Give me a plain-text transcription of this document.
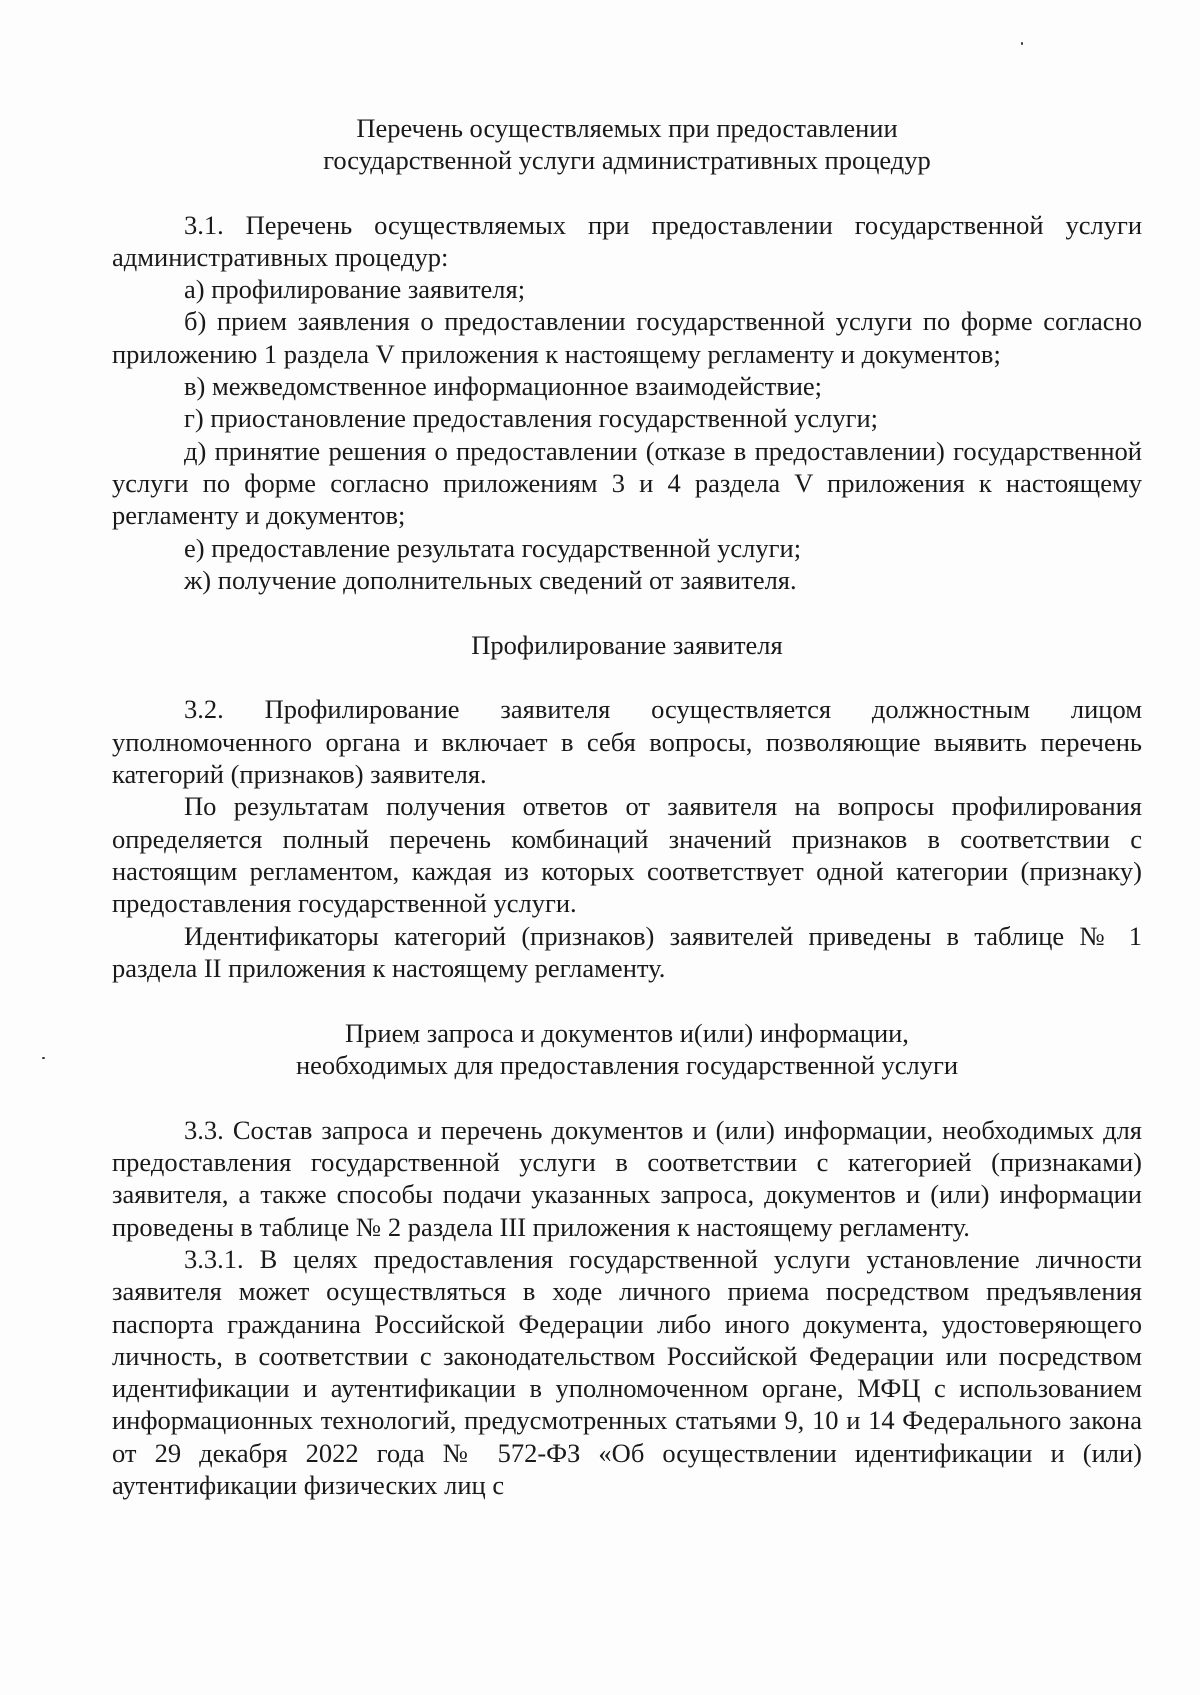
Перечень осуществляемых при предоставлении
государственной услуги административных процедур

3.1. Перечень осуществляемых при предоставлении государственной услуги административных процедур:

а) профилирование заявителя;

б) прием заявления о предоставлении государственной услуги по форме согласно приложению 1 раздела V приложения к настоящему регламенту и документов;

в) межведомственное информационное взаимодействие;

г) приостановление предоставления государственной услуги;

д) принятие решения о предоставлении (отказе в предоставлении) государственной услуги по форме согласно приложениям 3 и 4 раздела V приложения к настоящему регламенту и документов;

е) предоставление результата государственной услуги;

ж) получение дополнительных сведений от заявителя.

Профилирование заявителя

3.2. Профилирование заявителя осуществляется должностным лицом уполномоченного органа и включает в себя вопросы, позволяющие выявить перечень категорий (признаков) заявителя.

По результатам получения ответов от заявителя на вопросы профилирования определяется полный перечень комбинаций значений признаков в соответствии с настоящим регламентом, каждая из которых соответствует одной категории (признаку) предоставления государственной услуги.

Идентификаторы категорий (признаков) заявителей приведены в таблице № 1 раздела II приложения к настоящему регламенту.

Прием запроса и документов и(или) информации,
необходимых для предоставления государственной услуги

3.3. Состав запроса и перечень документов и (или) информации, необходимых для предоставления государственной услуги в соответствии с категорией (признаками) заявителя, а также способы подачи указанных запроса, документов и (или) информации проведены в таблице № 2 раздела III приложения к настоящему регламенту.

3.3.1. В целях предоставления государственной услуги установление личности заявителя может осуществляться в ходе личного приема посредством предъявления паспорта гражданина Российской Федерации либо иного документа, удостоверяющего личность, в соответствии с законодательством Российской Федерации или посредством идентификации и аутентификации в уполномоченном органе, МФЦ с использованием информационных технологий, предусмотренных статьями 9, 10 и 14 Федерального закона от 29 декабря 2022 года № 572-ФЗ «Об осуществлении идентификации и (или) аутентификации физических лиц с
